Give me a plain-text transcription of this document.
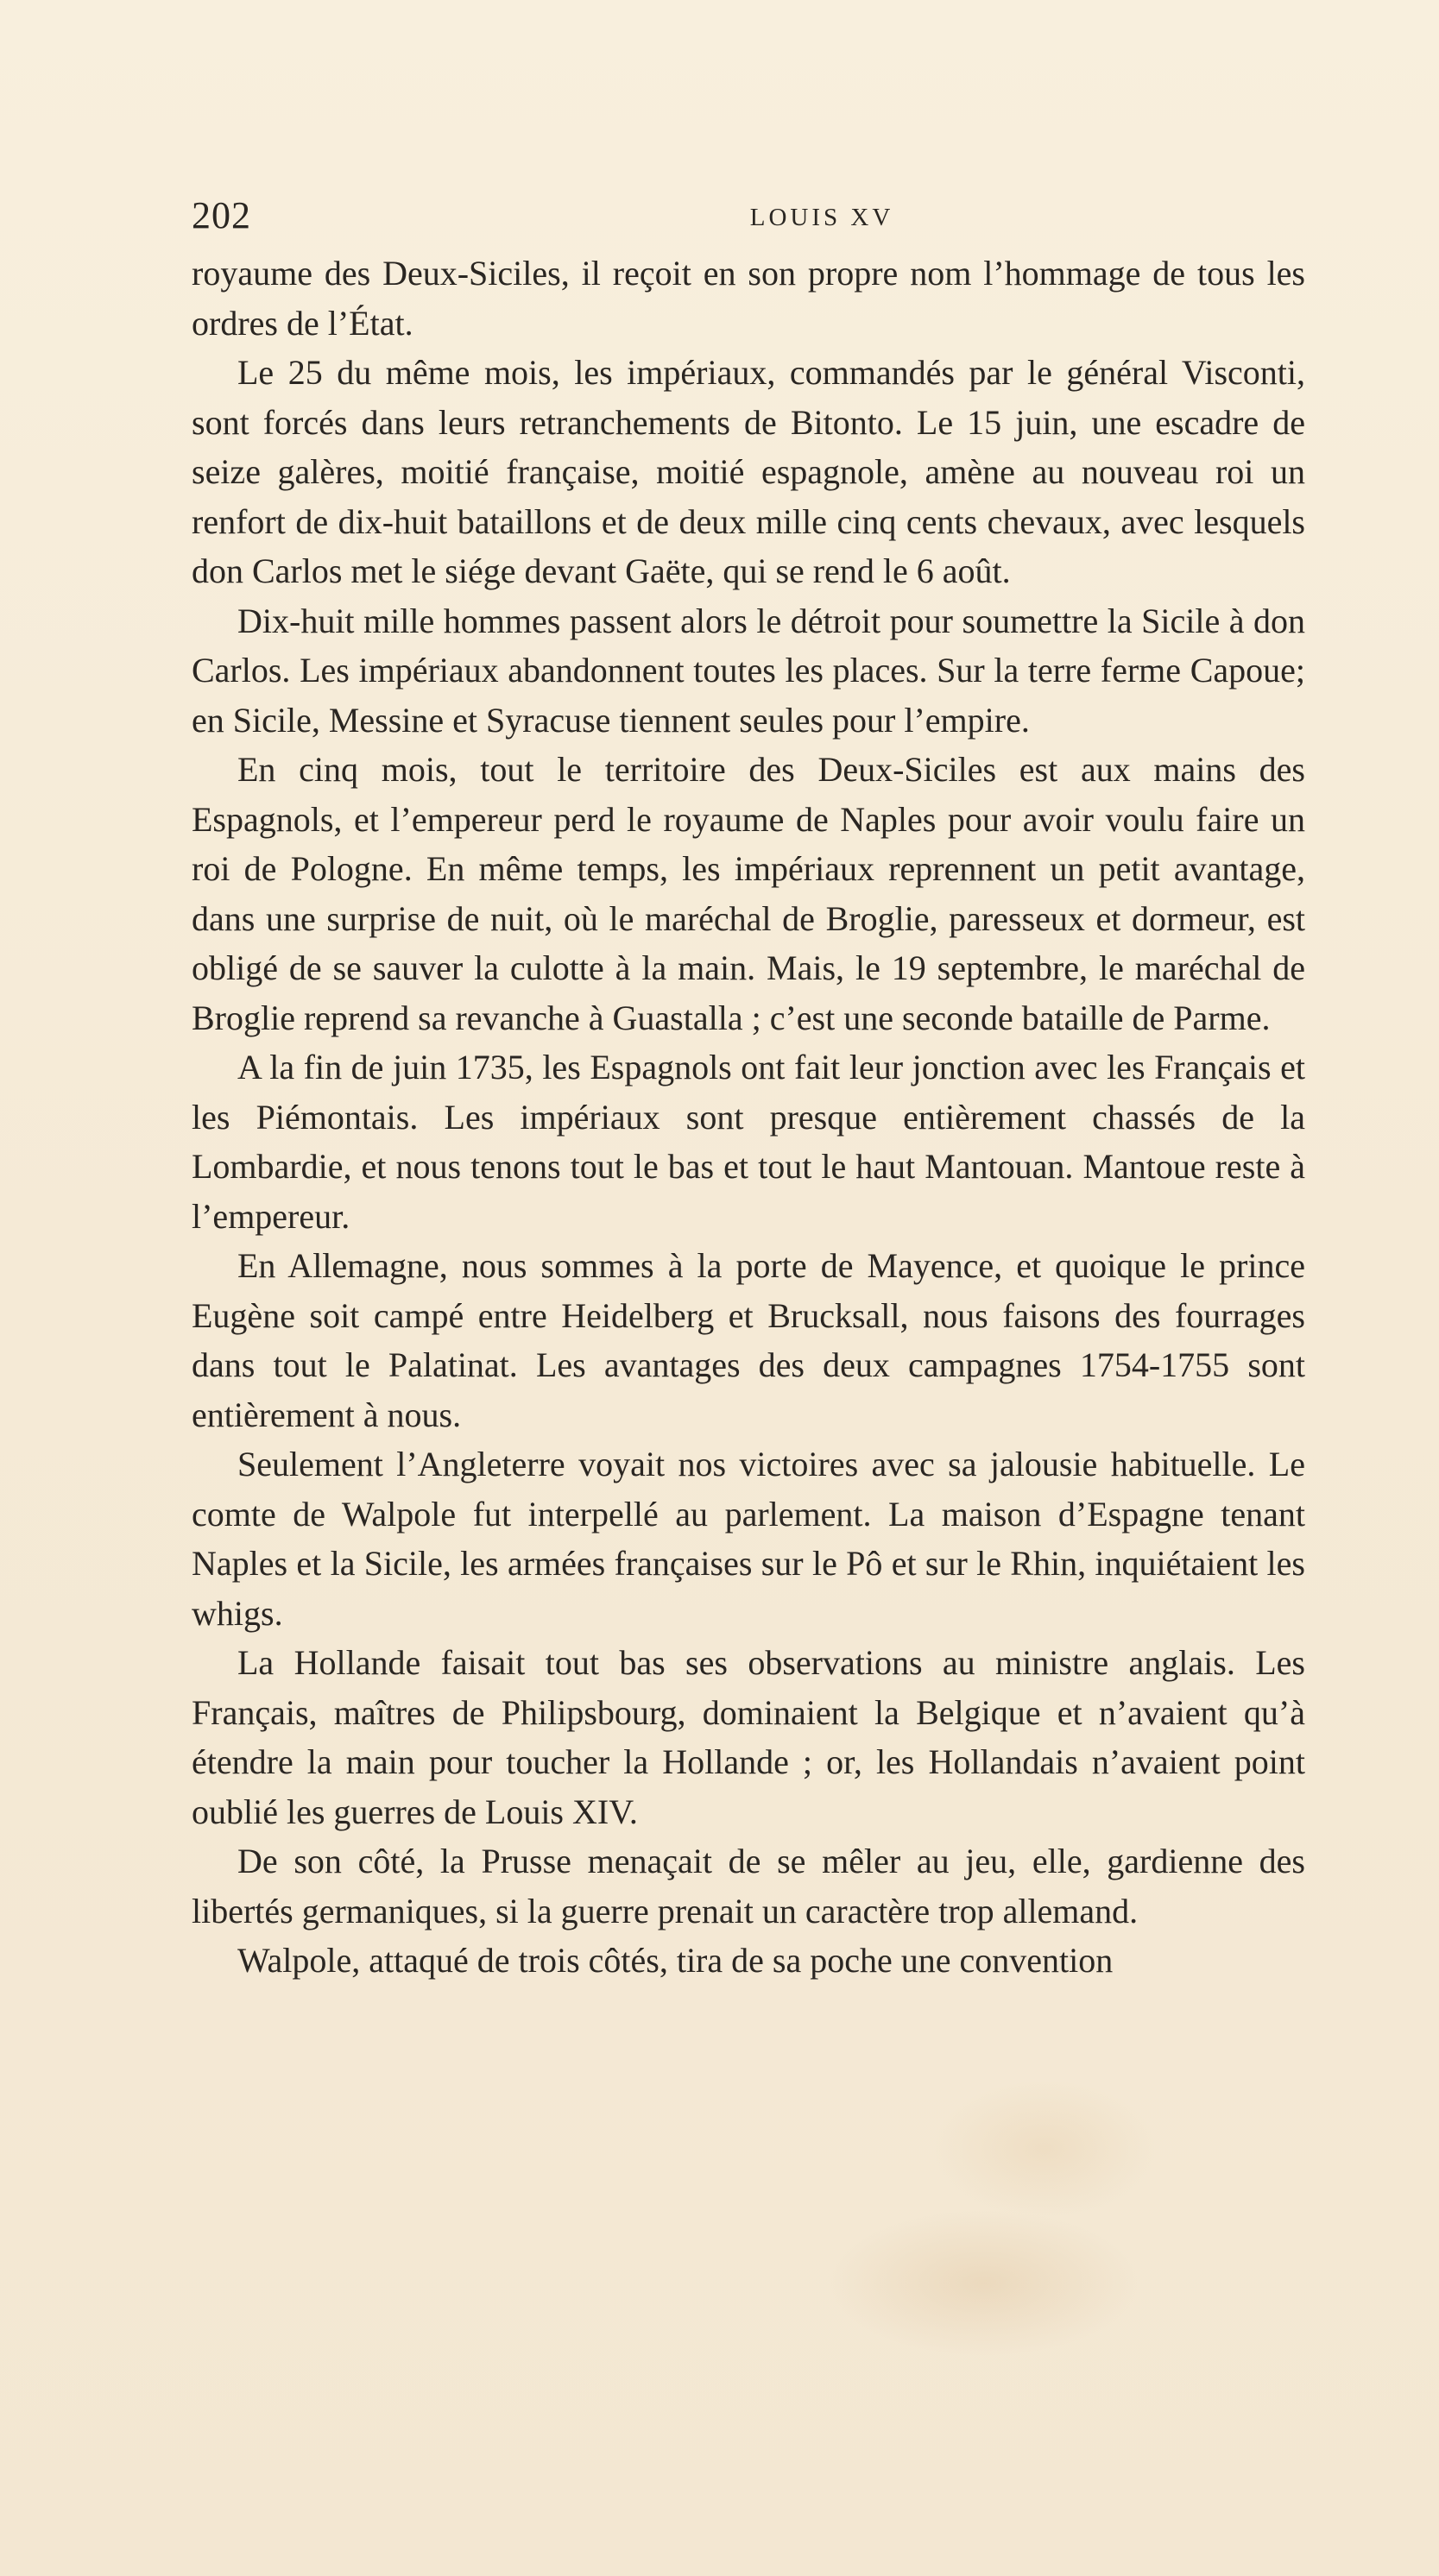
202	LOUIS XV

royaume des Deux-Siciles, il reçoit en son propre nom l’hommage de tous les ordres de l’État.

Le 25 du même mois, les impériaux, commandés par le général Visconti, sont forcés dans leurs retranchements de Bitonto. Le 15 juin, une escadre de seize galères, moitié française, moitié espagnole, amène au nouveau roi un renfort de dix-huit bataillons et de deux mille cinq cents chevaux, avec lesquels don Carlos met le siége devant Gaëte, qui se rend le 6 août.

Dix-huit mille hommes passent alors le détroit pour soumettre la Sicile à don Carlos. Les impériaux abandonnent toutes les places. Sur la terre ferme Capoue; en Sicile, Messine et Syracuse tiennent seules pour l’empire.

En cinq mois, tout le territoire des Deux-Siciles est aux mains des Espagnols, et l’empereur perd le royaume de Naples pour avoir voulu faire un roi de Pologne. En même temps, les impériaux reprennent un petit avantage, dans une surprise de nuit, où le maréchal de Broglie, paresseux et dormeur, est obligé de se sauver la culotte à la main. Mais, le 19 septembre, le maréchal de Broglie reprend sa revanche à Guastalla ; c’est une seconde bataille de Parme.

A la fin de juin 1735, les Espagnols ont fait leur jonction avec les Français et les Piémontais. Les impériaux sont presque entièrement chassés de la Lombardie, et nous tenons tout le bas et tout le haut Mantouan. Mantoue reste à l’empereur.

En Allemagne, nous sommes à la porte de Mayence, et quoique le prince Eugène soit campé entre Heidelberg et Brucksall, nous faisons des fourrages dans tout le Palatinat. Les avantages des deux campagnes 1754-1755 sont entièrement à nous.

Seulement l’Angleterre voyait nos victoires avec sa jalousie habituelle. Le comte de Walpole fut interpellé au parlement. La maison d’Espagne tenant Naples et la Sicile, les armées françaises sur le Pô et sur le Rhin, inquiétaient les whigs.

La Hollande faisait tout bas ses observations au ministre anglais. Les Français, maîtres de Philipsbourg, dominaient la Belgique et n’avaient qu’à étendre la main pour toucher la Hollande ; or, les Hollandais n’avaient point oublié les guerres de Louis XIV.

De son côté, la Prusse menaçait de se mêler au jeu, elle, gardienne des libertés germaniques, si la guerre prenait un caractère trop allemand.

Walpole, attaqué de trois côtés, tira de sa poche une convention
